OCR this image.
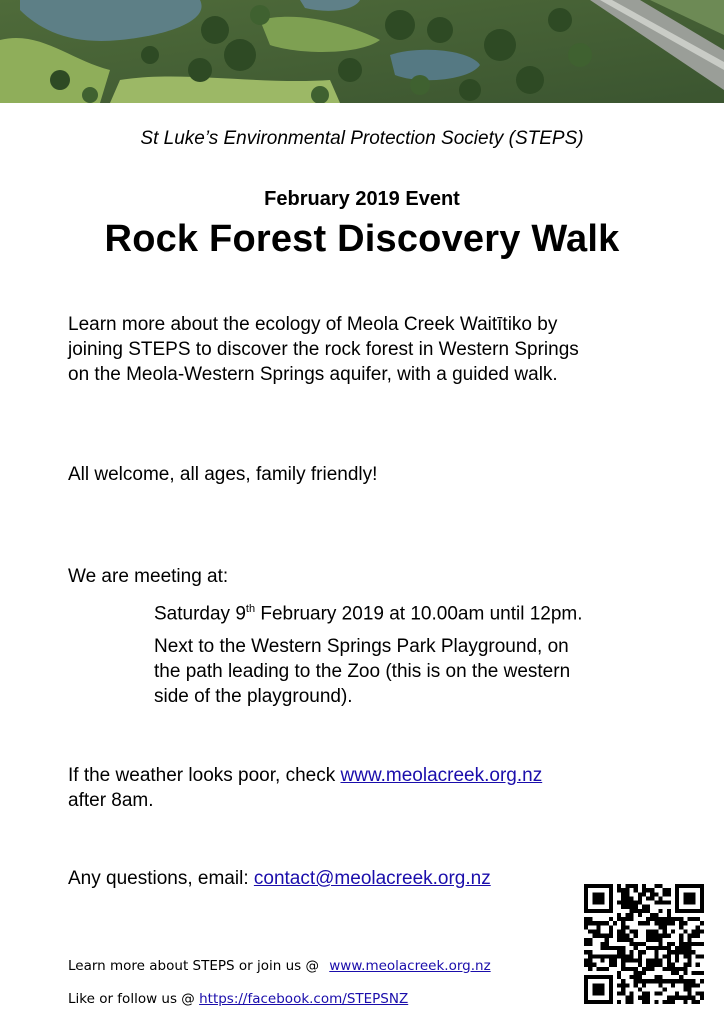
St Luke’s Environmental Protection Society (STEPS)
February 2019 Event
Rock Forest Discovery Walk
Learn more about the ecology of Meola Creek Waitītiko by
joining STEPS to discover the rock forest in Western Springs
on the Meola-Western Springs aquifer, with a guided walk.
All welcome, all ages, family friendly!
We are meeting at:
Saturday 9th February 2019 at 10.00am until 12pm.
Next to the Western Springs Park Playground, on
the path leading to the Zoo (this is on the western
side of the playground).
If the weather looks poor, check www.meolacreek.org.nz
after 8am.
Any questions, email: contact@meolacreek.org.nz
Learn more about STEPS or join us @ www.meolacreek.org.nz
Like or follow us @ https://facebook.com/STEPSNZ
